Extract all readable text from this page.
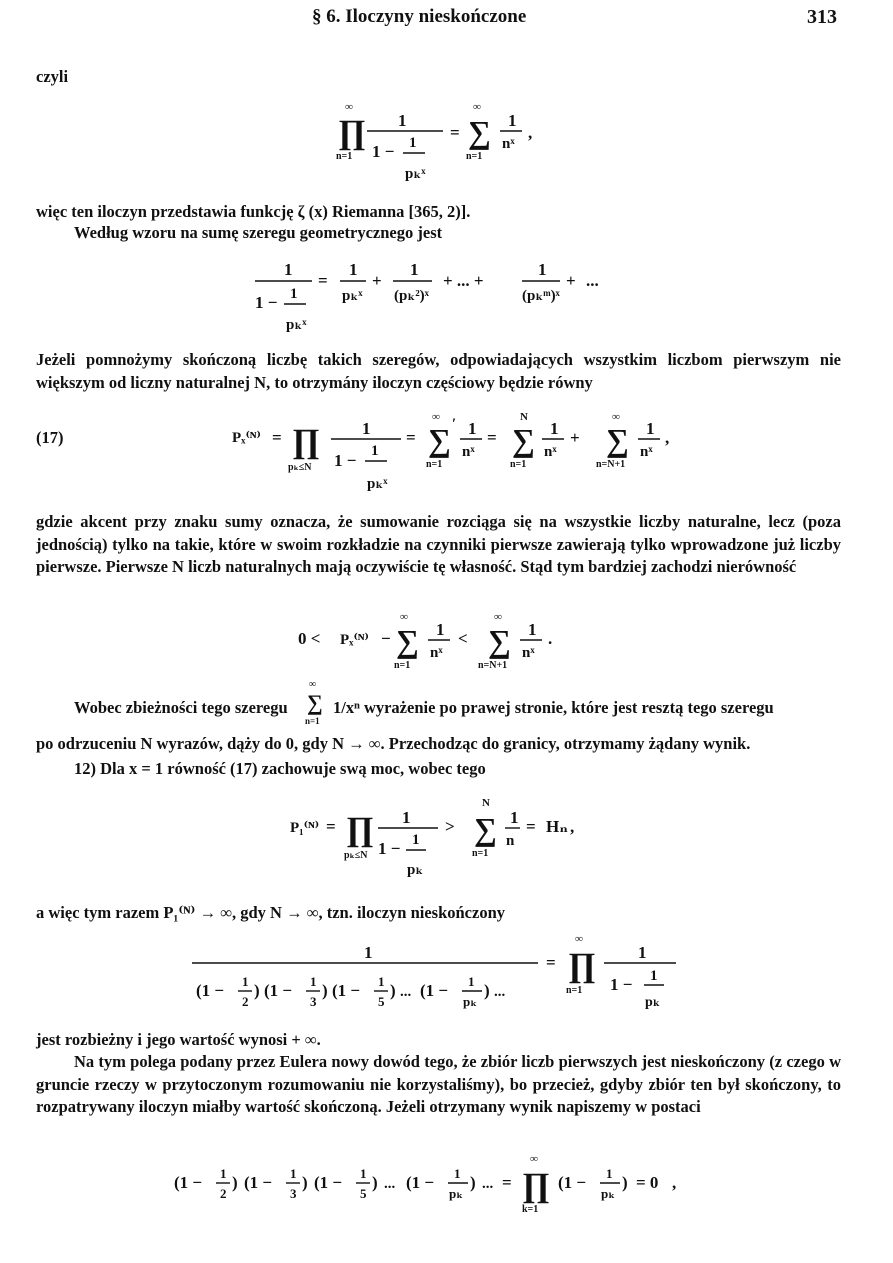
§ 6. Iloczyny nieskończone	313
czyli
∞
∏
n=1
1
1 − 1
pₖˣ
=
∞
∑
n=1
1
nˣ
,
więc ten iloczyn przedstawia funkcję ζ (x) Riemanna [365, 2)].
Według wzoru na sumę szeregu geometrycznego jest
1
1 − 1
pₖˣ
=
1
pₖˣ
+
1
(pₖ²)ˣ
+ ... +
1
(pₖᵐ)ˣ
+ ...
Jeżeli pomnożymy skończoną liczbę takich szeregów, odpowiadających wszystkim liczbom pierwszym nie większym od liczny naturalnej N, to otrzymány iloczyn częściowy będzie równy
(17)	Pₓ⁽ᴺ⁾ = ∏
pₖ≤N
1
1 − 1
pₖˣ
=
∞
∑ ′
n=1
1
nˣ
=
N
∑
n=1
1
nˣ
+
∞
∑
n=N+1
1
nˣ
,
gdzie akcent przy znaku sumy oznacza, że sumowanie rozciąga się na wszystkie liczby naturalne, lecz (poza jednością) tylko na takie, które w swoim rozkładzie na czynniki pierwsze zawierają tylko wprowadzone już liczby pierwsze. Pierwsze N liczb naturalnych mają oczywiście tę własność. Stąd tym bardziej zachodzi nierówność
0 < Pₓ⁽ᴺ⁾ −
∞
∑
n=1
1
nˣ
<
∞
∑
n=N+1
1
nˣ
.
∞
∑
n=1
Wobec zbieżności tego szeregu	1/xⁿ wyrażenie po prawej stronie, które jest resztą tego szeregu
po odrzuceniu N wyrazów, dąży do 0, gdy N → ∞. Przechodząc do granicy, otrzymamy żądany wynik.
12) Dla x = 1 równość (17) zachowuje swą moc, wobec tego
P₁⁽ᴺ⁾ = ∏
pₖ≤N
1
1 − 1
pₖ
>
N
∑
n=1
1
n
= Hₙ ,
a więc tym razem P₁⁽ᴺ⁾ → ∞, gdy N → ∞, tzn. iloczyn nieskończony
1
(1 − 1
2
) (1 − 1
3
) (1 − 1
5
) ... (1 − 1
pₖ
) ...
=
∞
∏
n=1
1
1 − 1
pₖ
jest rozbieżny i jego wartość wynosi + ∞.
Na tym polega podany przez Eulera nowy dowód tego, że zbiór liczb pierwszych jest nieskończony (z czego w gruncie rzeczy w przytoczonym rozumowaniu nie korzystaliśmy), bo przecież, gdyby zbiór ten był skończony, to rozpatrywany iloczyn miałby wartość skończoną. Jeżeli otrzymany wynik napiszemy w postaci
(1 − 1
2
) (1 − 1
3
) (1 − 1
5
) ... (1 − 1
pₖ
) ... =
∞
∏
k=1
(1 − 1
pₖ
) = 0 ,
